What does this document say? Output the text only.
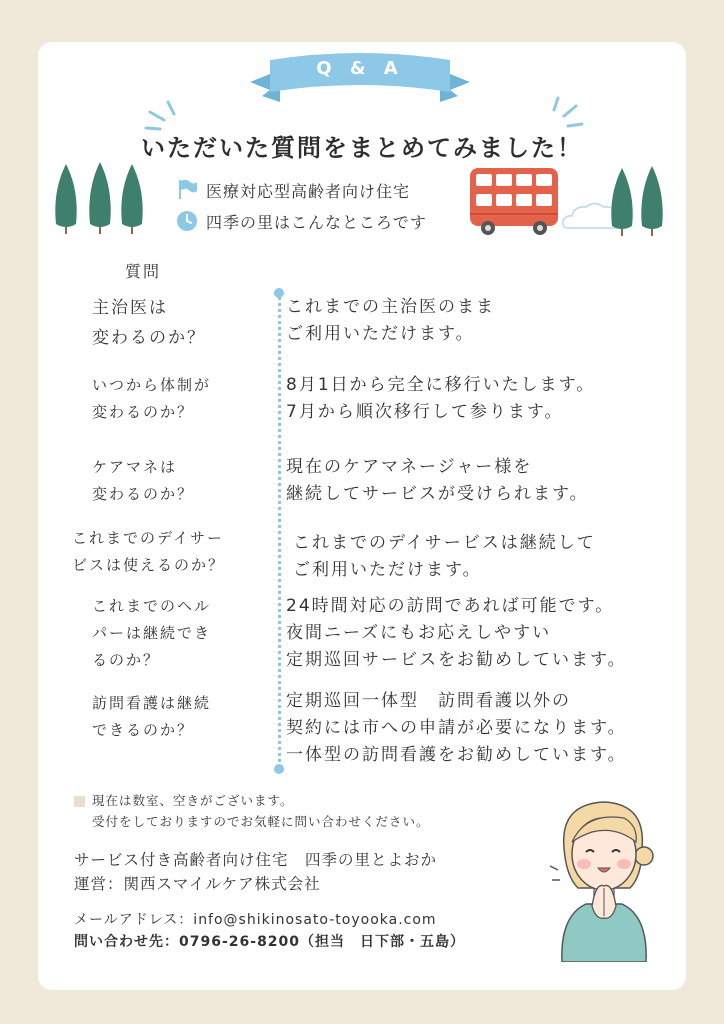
Q & A
いただいた質問をまとめてみました！
医療対応型高齢者向け住宅
四季の里はこんなところです
質問
主治医は
変わるのか？
これまでの主治医のまま
ご利用いただけます。
いつから体制が
変わるのか？
8月1日から完全に移行いたします。
7月から順次移行して参ります。
ケアマネは
変わるのか？
現在のケアマネージャー様を
継続してサービスが受けられます。
これまでのデイサー
ビスは使えるのか？
これまでのデイサービスは継続して
ご利用いただけます。
これまでのヘル
パーは継続でき
るのか？
24時間対応の訪問であれば可能です。
夜間ニーズにもお応えしやすい
定期巡回サービスをお勧めしています。
訪問看護は継続
できるのか？
定期巡回一体型　訪問看護以外の
契約には市への申請が必要になります。
一体型の訪問看護をお勧めしています。
現在は数室、空きがございます。
受付をしておりますのでお気軽に問い合わせください。
サービス付き高齢者向け住宅　四季の里とよおか
運営：関西スマイルケア株式会社
メールアドレス：info@shikinosato-toyooka.com
問い合わせ先：0796-26-8200（担当　日下部・五島）
